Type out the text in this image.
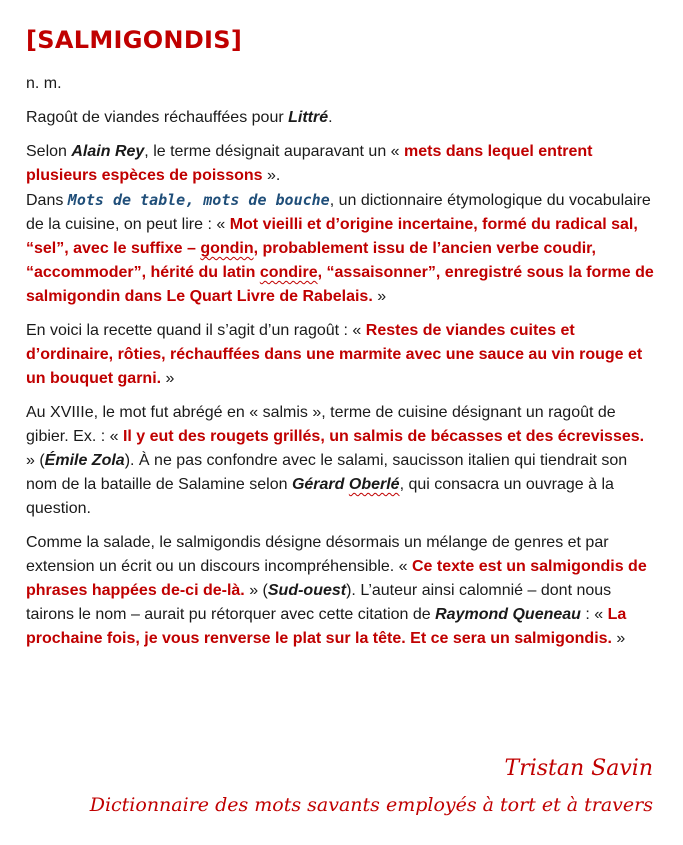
[SALMIGONDIS]

n. m.

Ragoût de viandes réchauffées pour Littré.

Selon Alain Rey, le terme désignait auparavant un « mets dans lequel entrent plusieurs espèces de poissons ».

Dans Mots de table, mots de bouche, un dictionnaire étymologique du vocabulaire de la cuisine, on peut lire : « Mot vieilli et d’origine incertaine, formé du radical sal, “sel”, avec le suffixe – gondin, probablement issu de l’ancien verbe coudir, “accommoder”, hérité du latin condire, “assaisonner”, enregistré sous la forme de salmigondin dans Le Quart Livre de Rabelais. »

En voici la recette quand il s’agit d’un ragoût : « Restes de viandes cuites et d’ordinaire, rôties, réchauffées dans une marmite avec une sauce au vin rouge et un bouquet garni. »

Au XVIIIe, le mot fut abrégé en « salmis », terme de cuisine désignant un ragoût de gibier. Ex. : « Il y eut des rougets grillés, un salmis de bécasses et des écrevisses. » (Émile Zola). À ne pas confondre avec le salami, saucisson italien qui tiendrait son nom de la bataille de Salamine selon Gérard Oberlé, qui consacra un ouvrage à la question.

Comme la salade, le salmigondis désigne désormais un mélange de genres et par extension un écrit ou un discours incompréhensible. « Ce texte est un salmigondis de phrases happées de-ci de-là. » (Sud-ouest). L’auteur ainsi calomnié – dont nous tairons le nom – aurait pu rétorquer avec cette citation de Raymond Queneau : « La prochaine fois, je vous renverse le plat sur la tête. Et ce sera un salmigondis. »

Tristan Savin
Dictionnaire des mots savants employés à tort et à travers
